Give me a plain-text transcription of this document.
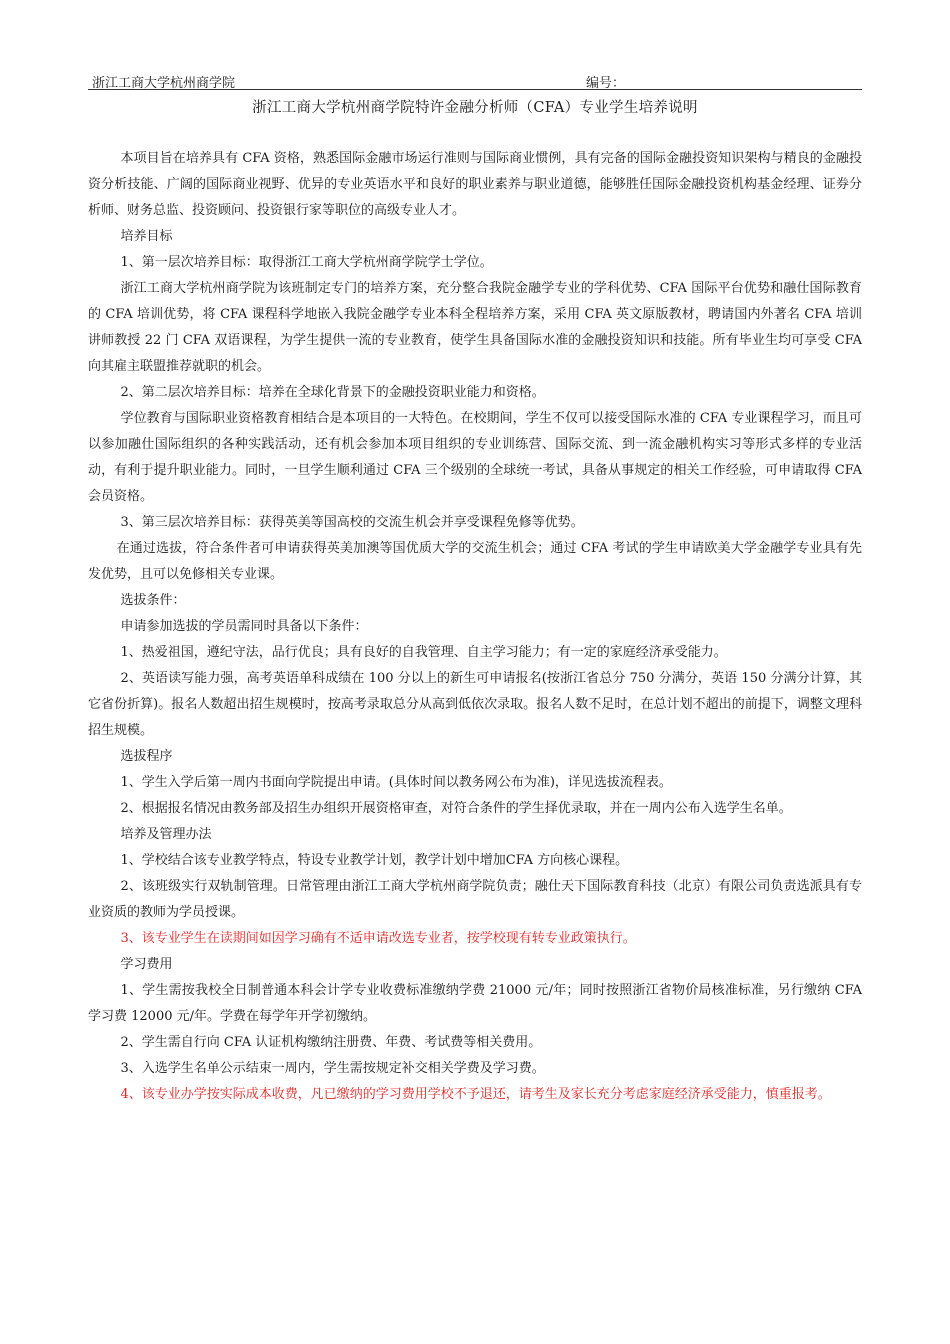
浙江工商大学杭州商学院	编号：
浙江工商大学杭州商学院特许金融分析师（CFA）专业学生培养说明

本项目旨在培养具有 CFA 资格，熟悉国际金融市场运行准则与国际商业惯例，具有完备的国际金融投资知识架构与精良的金融投资分析技能、广阔的国际商业视野、优异的专业英语水平和良好的职业素养与职业道德，能够胜任国际金融投资机构基金经理、证券分析师、财务总监、投资顾问、投资银行家等职位的高级专业人才。

培养目标

1、第一层次培养目标：取得浙江工商大学杭州商学院学士学位。

浙江工商大学杭州商学院为该班制定专门的培养方案，充分整合我院金融学专业的学科优势、CFA 国际平台优势和融仕国际教育的 CFA 培训优势，将 CFA 课程科学地嵌入我院金融学专业本科全程培养方案，采用 CFA 英文原版教材，聘请国内外著名 CFA 培训讲师教授 22 门 CFA 双语课程，为学生提供一流的专业教育，使学生具备国际水准的金融投资知识和技能。所有毕业生均可享受 CFA 向其雇主联盟推荐就职的机会。

2、第二层次培养目标：培养在全球化背景下的金融投资职业能力和资格。

学位教育与国际职业资格教育相结合是本项目的一大特色。在校期间，学生不仅可以接受国际水准的 CFA 专业课程学习，而且可以参加融仕国际组织的各种实践活动，还有机会参加本项目组织的专业训练营、国际交流、到一流金融机构实习等形式多样的专业活动，有利于提升职业能力。同时，一旦学生顺利通过 CFA 三个级别的全球统一考试，具备从事规定的相关工作经验，可申请取得 CFA 会员资格。

3、第三层次培养目标：获得英美等国高校的交流生机会并享受课程免修等优势。

在通过选拔，符合条件者可申请获得英美加澳等国优质大学的交流生机会；通过 CFA 考试的学生申请欧美大学金融学专业具有先发优势，且可以免修相关专业课。

选拔条件：

申请参加选拔的学员需同时具备以下条件：

1、热爱祖国，遵纪守法，品行优良；具有良好的自我管理、自主学习能力；有一定的家庭经济承受能力。

2、英语读写能力强，高考英语单科成绩在 100 分以上的新生可申请报名(按浙江省总分 750 分满分，英语 150 分满分计算，其它省份折算)。报名人数超出招生规模时，按高考录取总分从高到低依次录取。报名人数不足时，在总计划不超出的前提下，调整文理科招生规模。

选拔程序

1、学生入学后第一周内书面向学院提出申请。(具体时间以教务网公布为准)，详见选拔流程表。

2、根据报名情况由教务部及招生办组织开展资格审查，对符合条件的学生择优录取，并在一周内公布入选学生名单。

培养及管理办法

1、学校结合该专业教学特点，特设专业教学计划，教学计划中增加CFA 方向核心课程。

2、该班级实行双轨制管理。日常管理由浙江工商大学杭州商学院负责；融仕天下国际教育科技（北京）有限公司负责选派具有专业资质的教师为学员授课。

3、该专业学生在读期间如因学习确有不适申请改选专业者，按学校现有转专业政策执行。

学习费用

1、学生需按我校全日制普通本科会计学专业收费标准缴纳学费 21000 元/年；同时按照浙江省物价局核准标准，另行缴纳 CFA 学习费 12000 元/年。学费在每学年开学初缴纳。

2、学生需自行向 CFA 认证机构缴纳注册费、年费、考试费等相关费用。

3、入选学生名单公示结束一周内，学生需按规定补交相关学费及学习费。

4、该专业办学按实际成本收费，凡已缴纳的学习费用学校不予退还，请考生及家长充分考虑家庭经济承受能力，慎重报考。
